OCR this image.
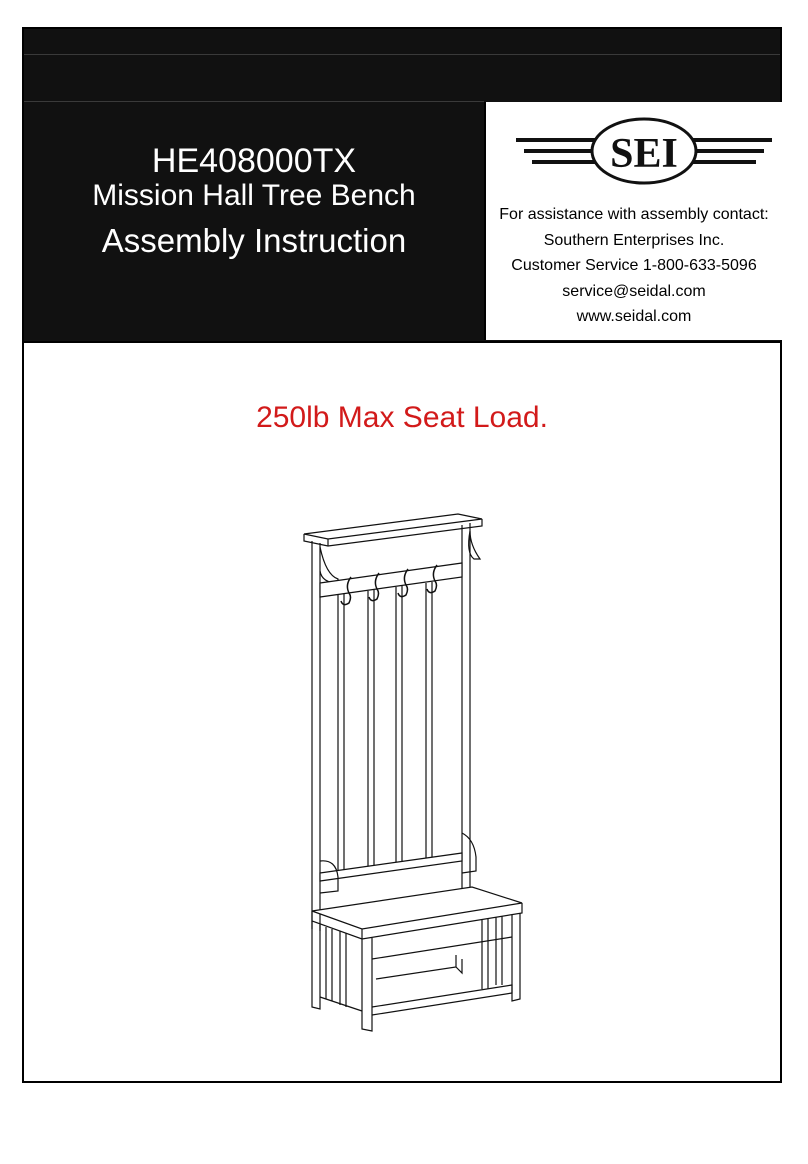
HE408000TX
Mission Hall Tree Bench
Assembly Instruction
SEI
For assistance with assembly contact:
Southern Enterprises Inc.
Customer Service 1-800-633-5096
service@seidal.com
www.seidal.com
250lb Max Seat Load.
